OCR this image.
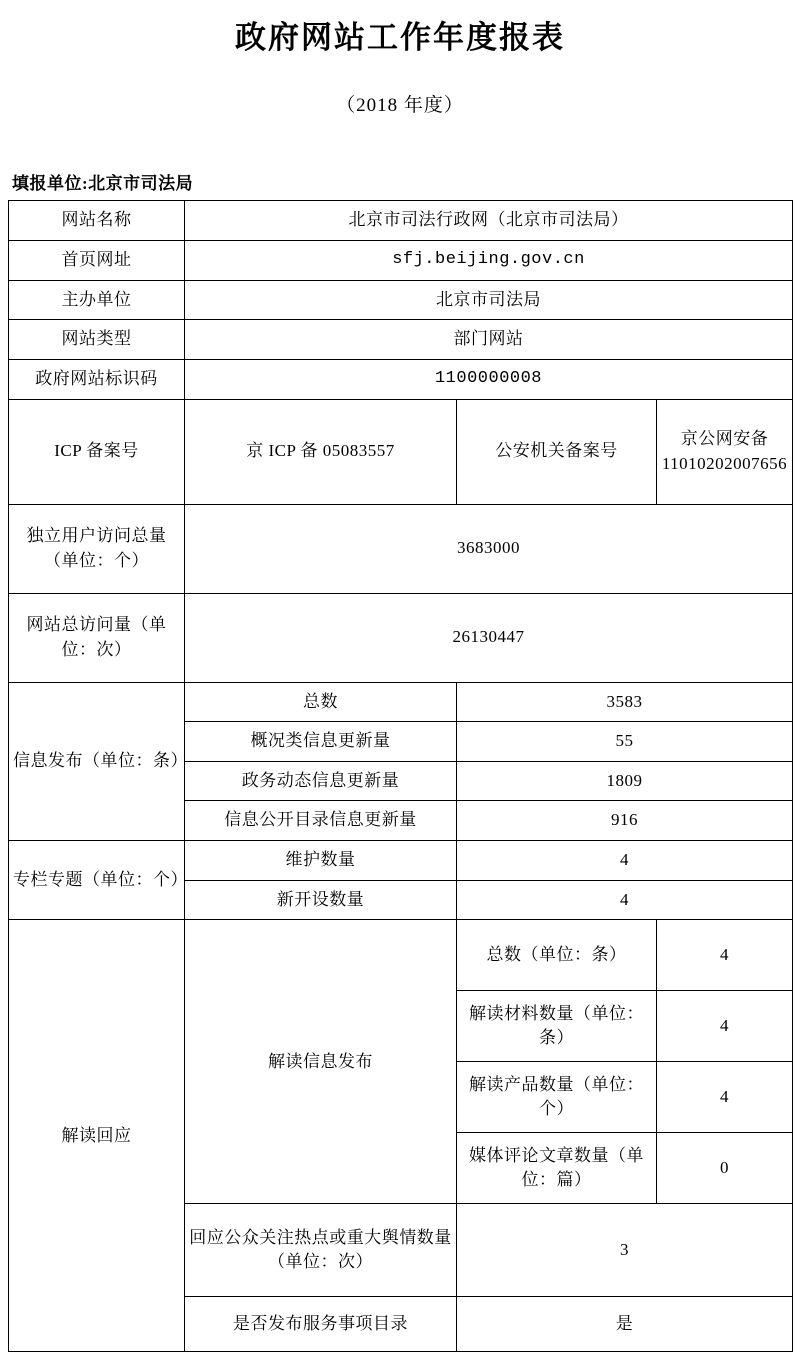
政府网站工作年度报表
（2018 年度）
填报单位:北京市司法局
网站名称	北京市司法行政网（北京市司法局）		
首页网址	sfj.beijing.gov.cn		
主办单位	北京市司法局		
网站类型	部门网站		
政府网站标识码	1100000008		
ICP 备案号	京 ICP 备 05083557	公安机关备案号	京公网安备 11010202007656
独立用户访问总量（单位：个）	3683000		
网站总访问量（单位：次）	26130447		
信息发布（单位：条）	总数	3583	
	概况类信息更新量	55	
	政务动态信息更新量	1809	
	信息公开目录信息更新量	916	
专栏专题（单位：个）	维护数量	4	
	新开设数量	4	
解读回应	解读信息发布	总数（单位：条）	4
		解读材料数量（单位：条）	4
		解读产品数量（单位：个）	4
		媒体评论文章数量（单位：篇）	0
	回应公众关注热点或重大舆情数量（单位：次）	3	
	是否发布服务事项目录	是	
